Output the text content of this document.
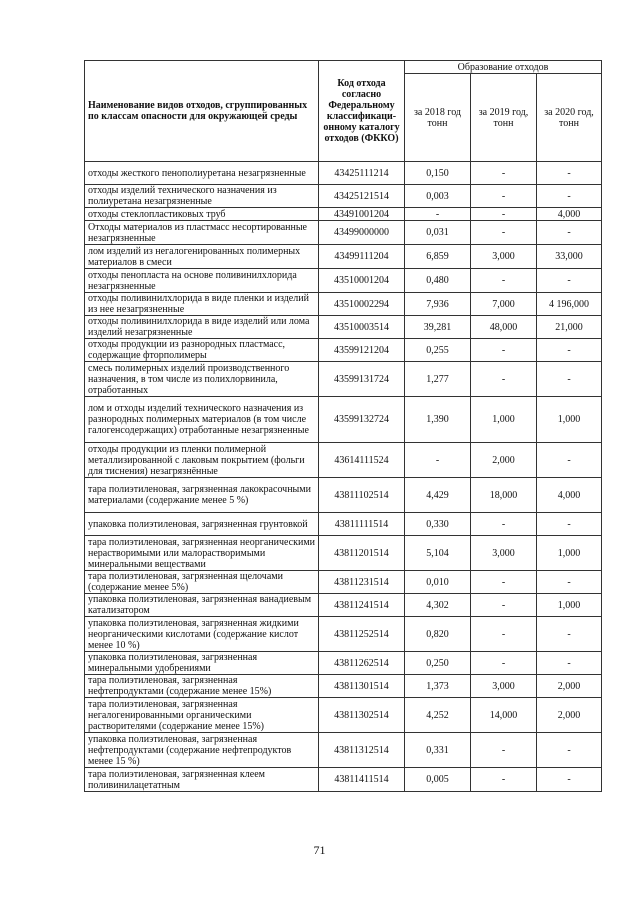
Наименование видов отходов, сгруппированных по классам опасности для окружающей среды	Код отхода согласно Федеральному классификаци-онному каталогу отходов (ФККО)	Образование отходов		
		за 2018 год тонн	за 2019 год, тонн	за 2020 год, тонн
отходы жесткого пенополиуретана незагрязненные	43425111214	0,150	-	-
отходы изделий технического назначения из полиуретана незагрязненные	43425121514	0,003	-	-
отходы стеклопластиковых труб	43491001204	-	-	4,000
Отходы материалов из пластмасс несортированные незагрязненные	43499000000	0,031	-	-
лом изделий из негалогенированных полимерных материалов в смеси	43499111204	6,859	3,000	33,000
отходы пенопласта на основе поливинилхлорида незагрязненные	43510001204	0,480	-	-
отходы поливинилхлорида в виде пленки и изделий из нее незагрязненные	43510002294	7,936	7,000	4 196,000
отходы поливинилхлорида в виде изделий или лома изделий незагрязненные	43510003514	39,281	48,000	21,000
отходы продукции из разнородных пластмасс, содержащие фторполимеры	43599121204	0,255	-	-
смесь полимерных изделий производственного назначения, в том числе из полихлорвинила, отработанных	43599131724	1,277	-	-
лом и отходы изделий технического назначения из разнородных полимерных материалов (в том числе галогенсодержащих) отработанные незагрязненные	43599132724	1,390	1,000	1,000
отходы продукции из пленки полимерной металлизированной с лаковым покрытием (фольги для тиснения) незагрязнённые	43614111524	-	2,000	-
тара полиэтиленовая, загрязненная лакокрасочными материалами (содержание менее 5 %)	43811102514	4,429	18,000	4,000
упаковка полиэтиленовая, загрязненная грунтовкой	43811111514	0,330	-	-
тара полиэтиленовая, загрязненная неорганическими нерастворимыми или малорастворимыми минеральными веществами	43811201514	5,104	3,000	1,000
тара полиэтиленовая, загрязненная щелочами (содержание менее 5%)	43811231514	0,010	-	-
упаковка полиэтиленовая, загрязненная ванадиевым катализатором	43811241514	4,302	-	1,000
упаковка полиэтиленовая, загрязненная жидкими неорганическими кислотами (содержание кислот менее 10 %)	43811252514	0,820	-	-
упаковка полиэтиленовая, загрязненная минеральными удобрениями	43811262514	0,250	-	-
тара полиэтиленовая, загрязненная нефтепродуктами (содержание менее 15%)	43811301514	1,373	3,000	2,000
тара полиэтиленовая, загрязненная негалогенированными органическими растворителями (содержание менее 15%)	43811302514	4,252	14,000	2,000
упаковка полиэтиленовая, загрязненная нефтепродуктами (содержание нефтепродуктов менее 15 %)	43811312514	0,331	-	-
тара полиэтиленовая, загрязненная клеем поливинилацетатным	43811411514	0,005	-	-
71
